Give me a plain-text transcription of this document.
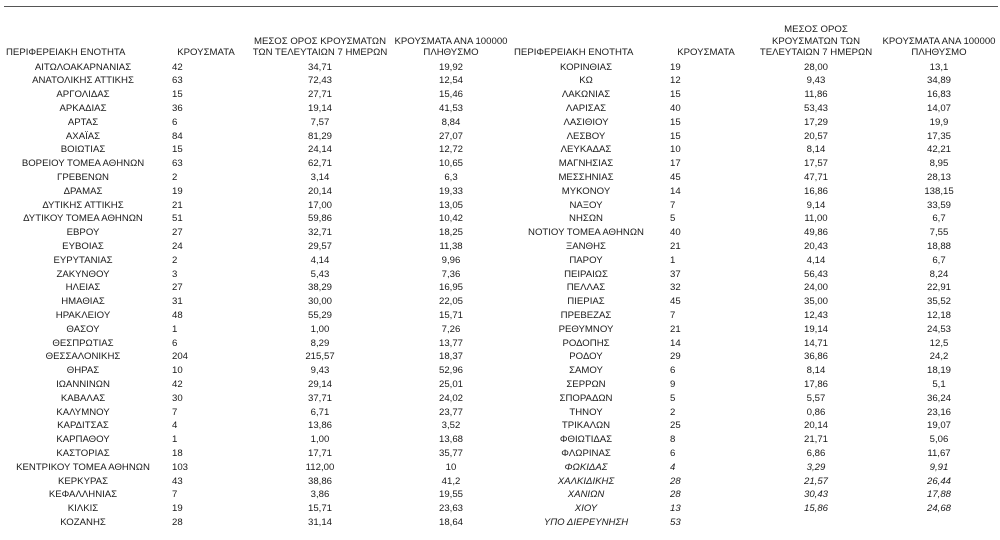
ΠΕΡΙΦΕΡΕΙΑΚΗ ΕΝΟΤΗΤΑ	ΚΡΟΥΣΜΑΤΑ	ΜΕΣΟΣ ΟΡΟΣ ΚΡΟΥΣΜΑΤΩΝ ΤΩΝ ΤΕΛΕΥΤΑΙΩΝ 7 ΗΜΕΡΩΝ	ΚΡΟΥΣΜΑΤΑ ΑΝΑ 100000 ΠΛΗΘΥΣΜΟ	ΠΕΡΙΦΕΡΕΙΑΚΗ ΕΝΟΤΗΤΑ	ΚΡΟΥΣΜΑΤΑ	ΜΕΣΟΣ ΟΡΟΣ ΚΡΟΥΣΜΑΤΩΝ ΤΩΝ ΤΕΛΕΥΤΑΙΩΝ 7 ΗΜΕΡΩΝ	ΚΡΟΥΣΜΑΤΑ ΑΝΑ 100000 ΠΛΗΘΥΣΜΟ
ΑΙΤΩΛΟΑΚΑΡΝΑΝΙΑΣ	42	34,71	19,92	ΚΟΡΙΝΘΙΑΣ	19	28,00	13,1
ΑΝΑΤΟΛΙΚΗΣ ΑΤΤΙΚΗΣ	63	72,43	12,54	ΚΩ	12	9,43	34,89
ΑΡΓΟΛΙΔΑΣ	15	27,71	15,46	ΛΑΚΩΝΙΑΣ	15	11,86	16,83
ΑΡΚΑΔΙΑΣ	36	19,14	41,53	ΛΑΡΙΣΑΣ	40	53,43	14,07
ΑΡΤΑΣ	6	7,57	8,84	ΛΑΣΙΘΙΟΥ	15	17,29	19,9
ΑΧΑΪΑΣ	84	81,29	27,07	ΛΕΣΒΟΥ	15	20,57	17,35
ΒΟΙΩΤΙΑΣ	15	24,14	12,72	ΛΕΥΚΑΔΑΣ	10	8,14	42,21
ΒΟΡΕΙΟΥ ΤΟΜΕΑ ΑΘΗΝΩΝ	63	62,71	10,65	ΜΑΓΝΗΣΙΑΣ	17	17,57	8,95
ΓΡΕΒΕΝΩΝ	2	3,14	6,3	ΜΕΣΣΗΝΙΑΣ	45	47,71	28,13
ΔΡΑΜΑΣ	19	20,14	19,33	ΜΥΚΟΝΟΥ	14	16,86	138,15
ΔΥΤΙΚΗΣ ΑΤΤΙΚΗΣ	21	17,00	13,05	ΝΑΞΟΥ	7	9,14	33,59
ΔΥΤΙΚΟΥ ΤΟΜΕΑ ΑΘΗΝΩΝ	51	59,86	10,42	ΝΗΣΩΝ	5	11,00	6,7
ΕΒΡΟΥ	27	32,71	18,25	ΝΟΤΙΟΥ ΤΟΜΕΑ ΑΘΗΝΩΝ	40	49,86	7,55
ΕΥΒΟΙΑΣ	24	29,57	11,38	ΞΑΝΘΗΣ	21	20,43	18,88
ΕΥΡΥΤΑΝΙΑΣ	2	4,14	9,96	ΠΑΡΟΥ	1	4,14	6,7
ΖΑΚΥΝΘΟΥ	3	5,43	7,36	ΠΕΙΡΑΙΩΣ	37	56,43	8,24
ΗΛΕΙΑΣ	27	38,29	16,95	ΠΕΛΛΑΣ	32	24,00	22,91
ΗΜΑΘΙΑΣ	31	30,00	22,05	ΠΙΕΡΙΑΣ	45	35,00	35,52
ΗΡΑΚΛΕΙΟΥ	48	55,29	15,71	ΠΡΕΒΕΖΑΣ	7	12,43	12,18
ΘΑΣΟΥ	1	1,00	7,26	ΡΕΘΥΜΝΟΥ	21	19,14	24,53
ΘΕΣΠΡΩΤΙΑΣ	6	8,29	13,77	ΡΟΔΟΠΗΣ	14	14,71	12,5
ΘΕΣΣΑΛΟΝΙΚΗΣ	204	215,57	18,37	ΡΟΔΟΥ	29	36,86	24,2
ΘΗΡΑΣ	10	9,43	52,96	ΣΑΜΟΥ	6	8,14	18,19
ΙΩΑΝΝΙΝΩΝ	42	29,14	25,01	ΣΕΡΡΩΝ	9	17,86	5,1
ΚΑΒΑΛΑΣ	30	37,71	24,02	ΣΠΟΡΑΔΩΝ	5	5,57	36,24
ΚΑΛΥΜΝΟΥ	7	6,71	23,77	ΤΗΝΟΥ	2	0,86	23,16
ΚΑΡΔΙΤΣΑΣ	4	13,86	3,52	ΤΡΙΚΑΛΩΝ	25	20,14	19,07
ΚΑΡΠΑΘΟΥ	1	1,00	13,68	ΦΘΙΩΤΙΔΑΣ	8	21,71	5,06
ΚΑΣΤΟΡΙΑΣ	18	17,71	35,77	ΦΛΩΡΙΝΑΣ	6	6,86	11,67
ΚΕΝΤΡΙΚΟΥ ΤΟΜΕΑ ΑΘΗΝΩΝ	103	112,00	10	ΦΩΚΙΔΑΣ	4	3,29	9,91
ΚΕΡΚΥΡΑΣ	43	38,86	41,2	ΧΑΛΚΙΔΙΚΗΣ	28	21,57	26,44
ΚΕΦΑΛΛΗΝΙΑΣ	7	3,86	19,55	ΧΑΝΙΩΝ	28	30,43	17,88
ΚΙΛΚΙΣ	19	15,71	23,63	ΧΙΟΥ	13	15,86	24,68
ΚΟΖΑΝΗΣ	28	31,14	18,64	ΥΠΟ ΔΙΕΡΕΥΝΗΣΗ	53		
